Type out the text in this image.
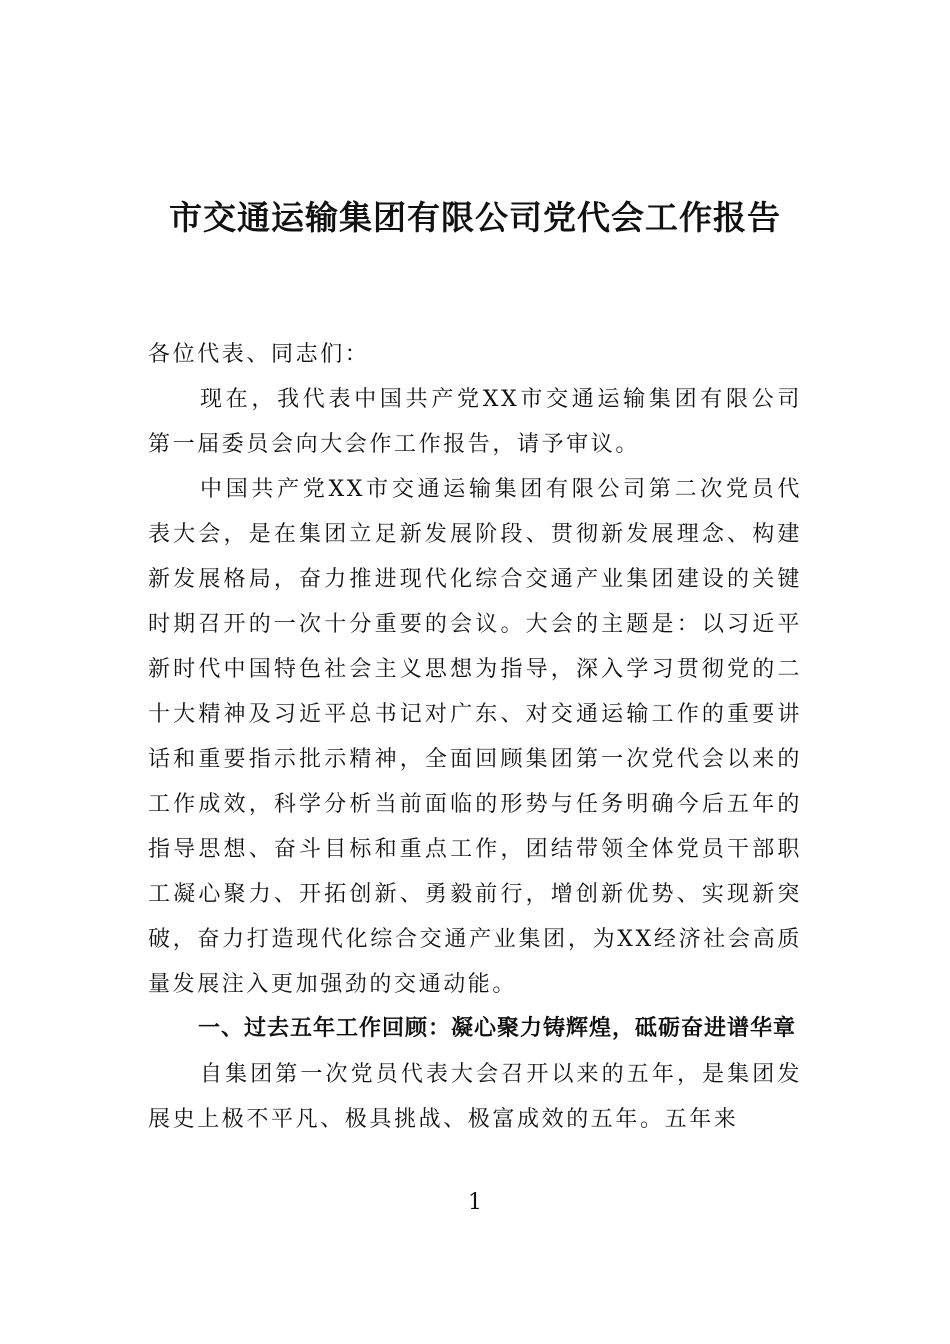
市交通运输集团有限公司党代会工作报告

各位代表、同志们：

现在，我代表中国共产党XX市交通运输集团有限公司第一届委员会向大会作工作报告，请予审议。

中国共产党XX市交通运输集团有限公司第二次党员代表大会，是在集团立足新发展阶段、贯彻新发展理念、构建新发展格局，奋力推进现代化综合交通产业集团建设的关键时期召开的一次十分重要的会议。大会的主题是：以习近平新时代中国特色社会主义思想为指导，深入学习贯彻党的二十大精神及习近平总书记对广东、对交通运输工作的重要讲话和重要指示批示精神，全面回顾集团第一次党代会以来的工作成效，科学分析当前面临的形势与任务明确今后五年的指导思想、奋斗目标和重点工作，团结带领全体党员干部职工凝心聚力、开拓创新、勇毅前行，增创新优势、实现新突破，奋力打造现代化综合交通产业集团，为XX经济社会高质量发展注入更加强劲的交通动能。

一、过去五年工作回顾：凝心聚力铸辉煌，砥砺奋进谱华章

自集团第一次党员代表大会召开以来的五年，是集团发展史上极不平凡、极具挑战、极富成效的五年。五年来

1
